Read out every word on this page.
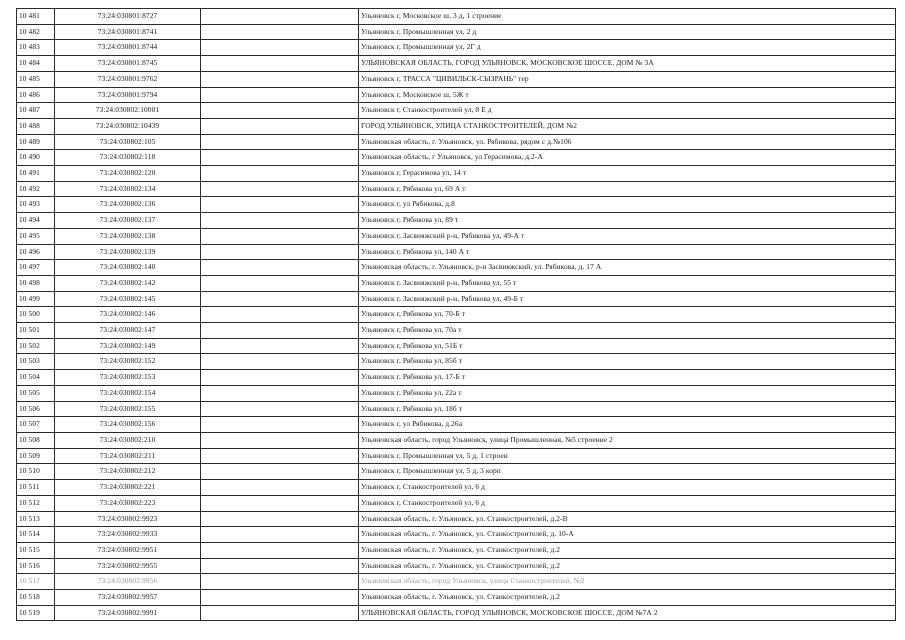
10 481	73:24:030801:8727		Ульяновск г, Московское ш, 3 д, 1 строение
10 482	73:24:030801:8741		Ульяновск г, Промышленная ул, 2 д
10 483	73:24:030801:8744		Ульяновск г, Промышленная ул, 2Г д
10 484	73:24:030801:8745		УЛЬЯНОВСКАЯ ОБЛАСТЬ, ГОРОД УЛЬЯНОВСК, МОСКОВСКОЕ ШОССЕ, ДОМ № 3А
10 485	73:24:030801:9762		Ульяновск г, ТРАССА "ЦИВИЛЬСК-СЫЗРАНЬ" тер
10 486	73:24:030801:9794		Ульяновск г, Московское ш, 5Ж т
10 487	73:24:030802:10001		Ульяновск г, Станкостроителей ул, 8 Е д
10 488	73:24:030802:10439		ГОРОД УЛЬЯНОВСК, УЛИЦА СТАНКОСТРОИТЕЛЕЙ, ДОМ №2
10 489	73:24:030802:105		Ульяновская область, г. Ульяновск, ул. Рябикова, рядом с д.№106
10 490	73:24:030802:118		Ульяновская область, г Ульяновск, ул Герасимова, д.2-А
10 491	73:24:030802:120		Ульяновск г, Герасимова ул, 14 т
10 492	73:24:030802:134		Ульяновск г, Рябикова ул, 69 А т
10 493	73:24:030802:136		Ульяновск г, ул Рябикова, д.8
10 494	73:24:030802:137		Ульяновск г, Рябикова ул, 89 т
10 495	73:24:030802:138		Ульяновск г, Засвияжский р-н, Рябикова ул, 49-А т
10 496	73:24:030802:139		Ульяновск г, Рябикова ул, 140 А т
10 497	73:24:030802:140		Ульяновская область, г. Ульяновск, р-н Засвияжский, ул. Рябикова, д. 17 А
10 498	73:24:030802:142		Ульяновск г, Засвияжский р-н, Рябикова ул, 55 т
10 499	73:24:030802:145		Ульяновск г, Засвияжский р-н, Рябикова ул, 49-Б т
10 500	73:24:030802:146		Ульяновск г, Рябикова ул, 70-Б т
10 501	73:24:030802:147		Ульяновск г, Рябикова ул, 70а т
10 502	73:24:030802:149		Ульяновск г, Рябикова ул, 51Б т
10 503	73:24:030802:152		Ульяновск г, Рябикова ул, 85б т
10 504	73:24:030802:153		Ульяновск г, Рябикова ул, 17-Б т
10 505	73:24:030802:154		Ульяновск г, Рябикова ул, 22а т
10 506	73:24:030802:155		Ульяновск г, Рябикова ул, 18б т
10 507	73:24:030802:156		Ульяновск г, ул Рябикова, д.26а
10 508	73:24:030802:210		Ульяновская область, город Ульяновск, улица Промышленная, №5 строение 2
10 509	73:24:030802:211		Ульяновск г, Промышленная ул, 5 д, 1 строен
10 510	73:24:030802:212		Ульяновск г, Промышленная ул, 5 д, 3 корп
10 511	73:24:030802:221		Ульяновск г, Станкостроителей ул, 6 д
10 512	73:24:030802:223		Ульяновск г, Станкостроителей ул, 6 д
10 513	73:24:030802:9923		Ульяновская область, г. Ульяновск, ул. Станкостроителей, д.2-В
10 514	73:24:030802:9933		Ульяновская область, г. Ульяновск, ул. Станкостроителей, д. 10-А
10 515	73:24:030802:9951		Ульяновская область, г. Ульяновск, ул. Станкостроителей, д.2
10 516	73:24:030802:9955		Ульяновская область, г. Ульяновск, ул. Станкостроителей, д.2
10 517	73:24:030802:9956		Ульяновская область, город Ульяновск, улица Станкостроителей, №2
10 518	73:24:030802:9957		Ульяновская область, г. Ульяновск, ул. Станкостроителей, д.2
10 519	73:24:030802:9991		УЛЬЯНОВСКАЯ ОБЛАСТЬ, ГОРОД УЛЬЯНОВСК, МОСКОВСКОЕ ШОССЕ, ДОМ №7А 2
